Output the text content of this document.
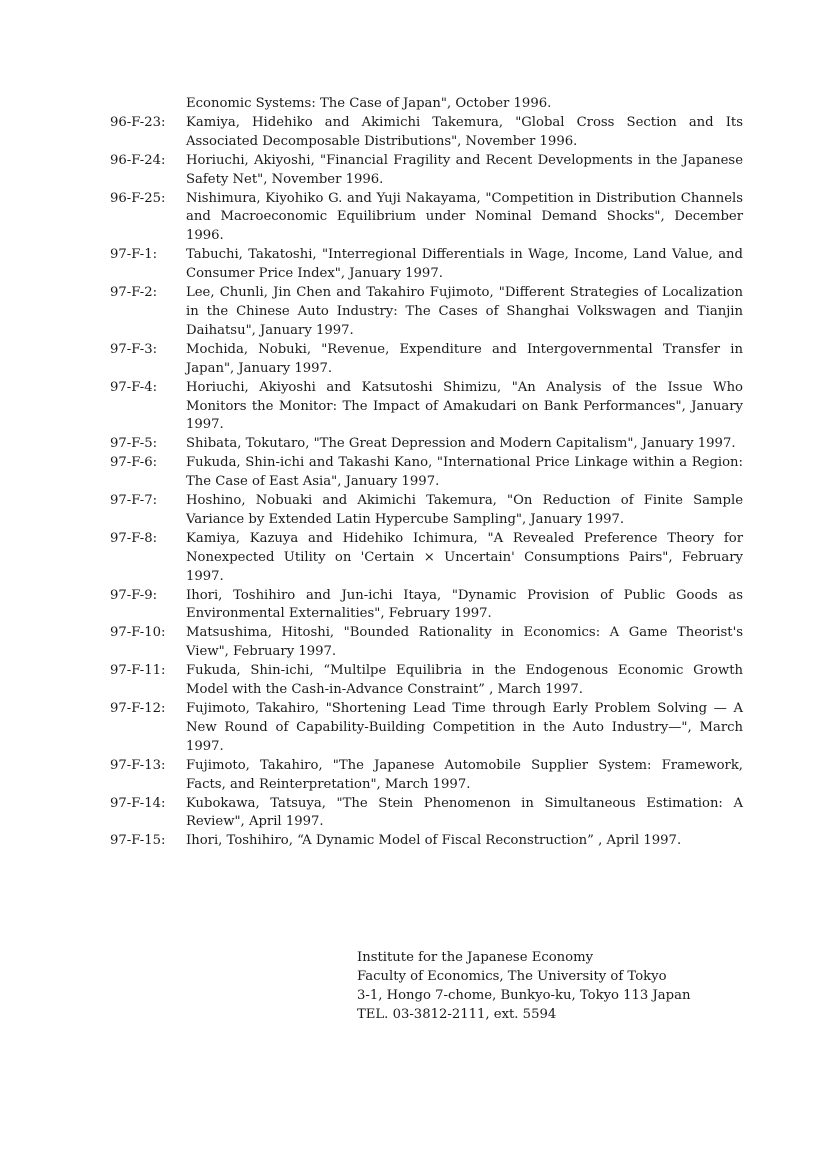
Economic Systems: The Case of Japan", October 1996.
96-F-23:	Kamiya, Hidehiko and Akimichi Takemura, "Global Cross Section and Its Associated Decomposable Distributions", November 1996.
96-F-24:	Horiuchi, Akiyoshi, "Financial Fragility and Recent Developments in the Japanese Safety Net", November 1996.
96-F-25:	Nishimura, Kiyohiko G. and Yuji Nakayama, "Competition in Distribution Channels and Macroeconomic Equilibrium under Nominal Demand Shocks", December 1996.
97-F-1:	Tabuchi, Takatoshi, "Interregional Differentials in Wage, Income, Land Value, and Consumer Price Index", January 1997.
97-F-2:	Lee, Chunli, Jin Chen and Takahiro Fujimoto, "Different Strategies of Localization in the Chinese Auto Industry: The Cases of Shanghai Volkswagen and Tianjin Daihatsu", January 1997.
97-F-3:	Mochida, Nobuki, "Revenue, Expenditure and Intergovernmental Transfer in Japan", January 1997.
97-F-4:	Horiuchi, Akiyoshi and Katsutoshi Shimizu, "An Analysis of the Issue Who Monitors the Monitor: The Impact of Amakudari on Bank Performances", January 1997.
97-F-5:	Shibata, Tokutaro, "The Great Depression and Modern Capitalism", January 1997.
97-F-6:	Fukuda, Shin-ichi and Takashi Kano, "International Price Linkage within a Region: The Case of East Asia", January 1997.
97-F-7:	Hoshino, Nobuaki and Akimichi Takemura, "On Reduction of Finite Sample Variance by Extended Latin Hypercube Sampling", January 1997.
97-F-8:	Kamiya, Kazuya and Hidehiko Ichimura, "A Revealed Preference Theory for Nonexpected Utility on 'Certain × Uncertain' Consumptions Pairs", February 1997.
97-F-9:	Ihori, Toshihiro and Jun-ichi Itaya, "Dynamic Provision of Public Goods as Environmental Externalities", February 1997.
97-F-10:	Matsushima, Hitoshi, "Bounded Rationality in Economics: A Game Theorist's View", February 1997.
97-F-11:	Fukuda, Shin-ichi, “Multilpe Equilibria in the Endogenous Economic Growth Model with the Cash-in-Advance Constraint” , March 1997.
97-F-12:	Fujimoto, Takahiro, "Shortening Lead Time through Early Problem Solving — A New Round of Capability-Building Competition in the Auto Industry—", March 1997.
97-F-13:	Fujimoto, Takahiro, "The Japanese Automobile Supplier System: Framework, Facts, and Reinterpretation", March 1997.
97-F-14:	Kubokawa, Tatsuya, "The Stein Phenomenon in Simultaneous Estimation: A Review", April 1997.
97-F-15:	Ihori, Toshihiro, “A Dynamic Model of Fiscal Reconstruction” , April 1997.
Institute for the Japanese Economy
Faculty of Economics, The University of Tokyo
3-1, Hongo 7-chome, Bunkyo-ku, Tokyo 113 Japan
TEL. 03-3812-2111, ext. 5594
